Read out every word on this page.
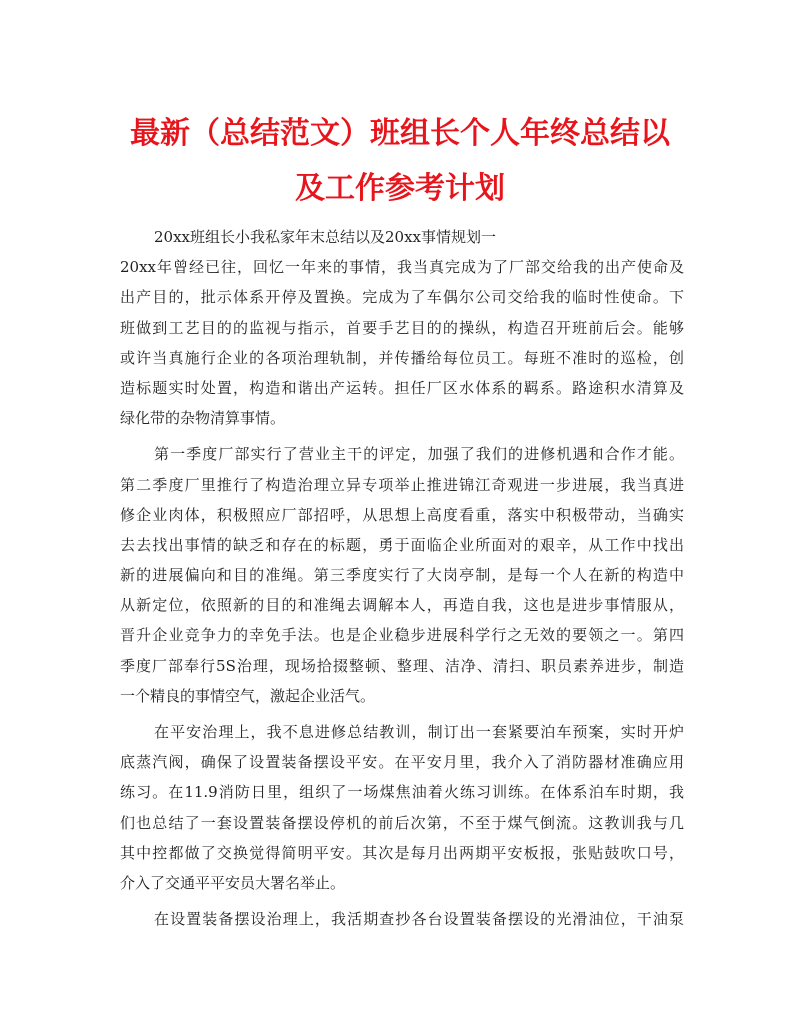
最新（总结范文）班组长个人年终总结以
及工作参考计划
20xx班组长小我私家年末总结以及20xx事情规划一
20xx年曾经已往，回忆一年来的事情，我当真完成为了厂部交给我的出产使命及
出产目的，批示体系开停及置换。完成为了车偶尔公司交给我的临时性使命。下
班做到工艺目的的监视与指示，首要手艺目的的操纵，构造召开班前后会。能够
或许当真施行企业的各项治理轨制，并传播给每位员工。每班不准时的巡检，创
造标题实时处置，构造和谐出产运转。担任厂区水体系的羁系。路途积水清算及
绿化带的杂物清算事情。
第一季度厂部实行了营业主干的评定，加强了我们的进修机遇和合作才能。
第二季度厂里推行了构造治理立异专项举止推进锦江奇观进一步进展，我当真进
修企业肉体，积极照应厂部招呼，从思想上高度看重，落实中积极带动，当确实
去去找出事情的缺乏和存在的标题，勇于面临企业所面对的艰辛，从工作中找出
新的进展偏向和目的准绳。第三季度实行了大岗亭制，是每一个人在新的构造中
从新定位，依照新的目的和准绳去调解本人，再造自我，这也是进步事情服从，
晋升企业竞争力的幸免手法。也是企业稳步进展科学行之无效的要领之一。第四
季度厂部奉行5S治理，现场拾掇整顿、整理、洁净、清扫、职员素养进步，制造
一个精良的事情空气，激起企业活气。
在平安治理上，我不息进修总结教训，制订出一套紧要泊车预案，实时开炉
底蒸汽阀，确保了设置装备摆设平安。在平安月里，我介入了消防器材准确应用
练习。在11.9消防日里，组织了一场煤焦油着火练习训练。在体系泊车时期，我
们也总结了一套设置装备摆设停机的前后次第，不至于煤气倒流。这教训我与几
其中控都做了交换觉得简明平安。其次是每月出两期平安板报，张贴鼓吹口号，
介入了交通平平安员大署名举止。
在设置装备摆设治理上，我活期查抄各台设置装备摆设的光滑油位，干油泵
